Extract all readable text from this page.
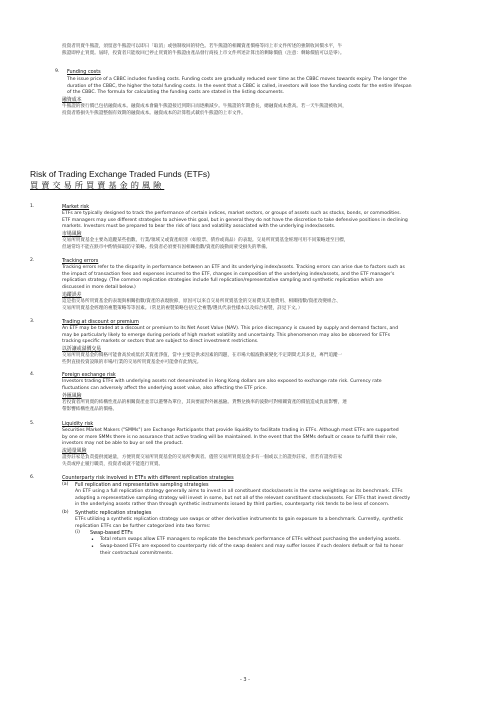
投資者買賣牛熊證，須留意牛熊證可以即日「取消」或強制收回的特色。若牛熊證的相關資產價格等同上市文件所述的強制收回價水平，牛
熊證即停止買賣。屆時，投資者只能收回已停止買賣的牛熊證由產品發行商按上市文件所述計算出的剩餘價值（注意：剩餘價值可以是零）。
9. Funding costs
The issue price of a CBBC includes funding costs. Funding costs are gradually reduced over time as the CBBC moves towards expiry. The longer the
duration of the CBBC, the higher the total funding costs. In the event that a CBBC is called, investors will lose the funding costs for the entire lifespan
of the CBBC. The formula for calculating the funding costs are stated in the listing documents.
融資成本
牛熊證的發行價已包括融資成本。融資成本會隨牛熊證接近到期日而逐漸減少。牛熊證的年期愈長，總融資成本愈高。若一天牛熊證被收回，
投資者將損失牛熊證整個有效期的融資成本。融資成本的計算程式載於牛熊證的上市文件。
Risk of Trading Exchange Traded Funds (ETFs)
買賣交易所買賣基金的風險
1.	Market risk
ETFs are typically designed to track the performance of certain indices, market sectors, or groups of assets such as stocks, bonds, or commodities.
ETF managers may use different strategies to achieve this goal, but in general they do not have the discretion to take defensive positions in declining
markets. Investors must be prepared to bear the risk of loss and volatility associated with the underlying index/assets.
市場風險
交易所買賣基金主要為追蹤某些指數、行業/領域又或資產組別（如股票、債券或商品）的表現。交易所買賣基金經理可用不同策略達至目標，
但通常均不能在跌市中酌情採取防守策略。投資者必須要有因相關指數/資產的波動而蒙受損失的準備。
2.	Tracking errors
Tracking errors refer to the disparity in performance between an ETF and its underlying index/assets. Tracking errors can arise due to factors such as
the impact of transaction fees and expenses incurred to the ETF, changes in composition of the underlying index/assets, and the ETF manager's
replication strategy. (The common replication strategies include full replication/representative sampling and synthetic replication which are
discussed in more detail below.)
追蹤誤差
這是指交易所買賣基金的表現與相關指數/資產的表現脫節，原因可以來自交易所買賣基金的交易費及其他費用、相關指數/資產改變組合、
交易所買賣基金經理的複製策略等等因素。（常見的複製策略包括完全複製/選具代表性樣本以及綜合複製，詳見下文。）
3.	Trading at discount or premium
An ETF may be traded at a discount or premium to its Net Asset Value (NAV). This price discrepancy is caused by supply and demand factors, and
may be particularly likely to emerge during periods of high market volatility and uncertainty. This phenomenon may also be observed for ETFs
tracking specific markets or sectors that are subject to direct investment restrictions.
以折讓或溢價交易
交易所買賣基金的價格可能會高於或低於其資產淨值，當中主要是供求因素的問題，在市場大幅波動兼變化不定期間尤其多見，專門追蹤一
些對直接投資設限的市場/行業的交易所買賣基金亦可能會有此情況。
4.	Foreign exchange risk
Investors trading ETFs with underlying assets not denominated in Hong Kong dollars are also exposed to exchange rate risk. Currency rate
fluctuations can adversely affect the underlying asset value, also affecting the ETF price.
外匯風險
若投資者所買賣的結構性產品的相關資產並非以港幣為單位，其尚要面對外匯風險。貨幣兌換率的波動可對相關資產的價值造成負面影響，連
帶影響結構性產品的價格。
5.	Liquidity risk
Securities Market Makers ("SMMs") are Exchange Participants that provide liquidity to facilitate trading in ETFs. Although most ETFs are supported
by one or more SMMs there is no assurance that active trading will be maintained. In the event that the SMMs default or cease to fulfill their role,
investors may not be able to buy or sell the product.
流通量風險
證券莊家是負責提供流通量，方便買賣交易所買賣基金的交易所參與者。儘管交易所買賣基金多有一個或以上的證券莊家，但若有證券莊家
失責或停止履行職責，投資者或就不能進行買賣。
6.	Counterparty risk involved in ETFs with different replication strategies
(a) Full replication and representative sampling strategies
An ETF using a full replication strategy generally aims to invest in all constituent stocks/assets in the same weightings as its benchmark. ETFs
adopting a representative sampling strategy will invest in some, but not all of the relevant constituent stocks/assets. For ETFs that invest directly
in the underlying assets rather than through synthetic instruments issued by third parties, counterparty risk tends to be less of concern.
(b) Synthetic replication strategies
ETFs utilizing a synthetic replication strategy use swaps or other derivative instruments to gain exposure to a benchmark. Currently, synthetic
replication ETFs can be further categorized into two forms:
(i) Swap-based ETFs
• Total return swaps allow ETF managers to replicate the benchmark performance of ETFs without purchasing the underlying assets.
• Swap-based ETFs are exposed to counterparty risk of the swap dealers and may suffer losses if such dealers default or fail to honor
their contractual commitments.
- 3 -
